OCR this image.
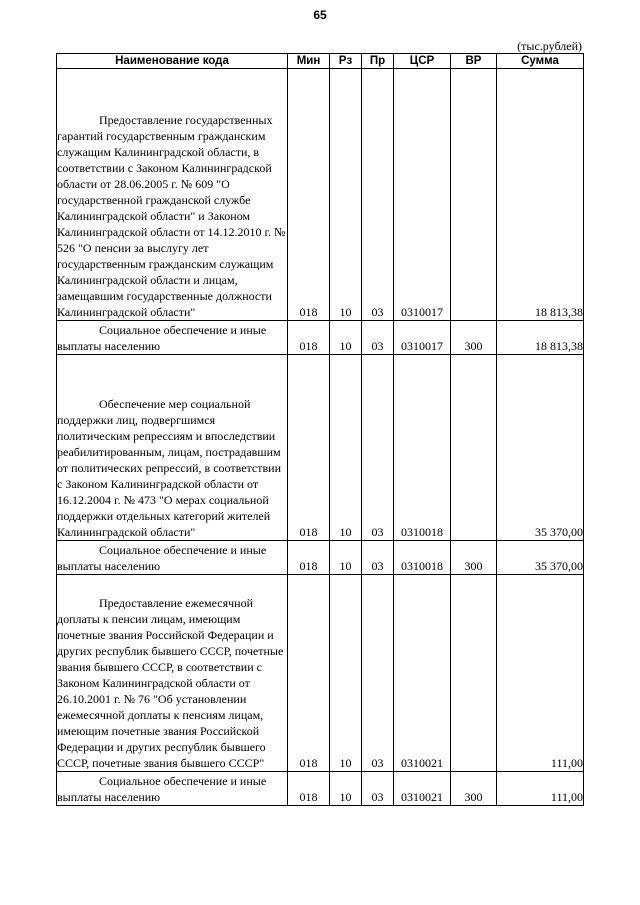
65
(тыс.рублей)
Наименование кода	Мин	Рз	Пр	ЦСР	ВР	Сумма

Предоставление государственных гарантий государственным гражданским служащим Калининградской области, в соответствии с Законом Калининградской области от 28.06.2005 г. № 609 "О государственной гражданской службе Калининградской области" и Законом Калининградской области от 14.12.2010 г. № 526 "О пенсии за выслугу лет государственным гражданским служащим Калининградской области и лицам, замещавшим государственные должности Калининградской области"	018	10	03	0310017		18 813,38

Социальное обеспечение и иные выплаты населению	018	10	03	0310017	300	18 813,38

Обеспечение мер социальной поддержки лиц, подвергшимся политическим репрессиям и впоследствии реабилитированным, лицам, пострадавшим от политических репрессий, в соответствии с Законом Калининградской области от 16.12.2004 г. № 473 "О мерах социальной поддержки отдельных категорий жителей Калининградской области"	018	10	03	0310018		35 370,00

Социальное обеспечение и иные выплаты населению	018	10	03	0310018	300	35 370,00

Предоставление ежемесячной доплаты к пенсии лицам, имеющим почетные звания Российской Федерации и других республик бывшего СССР, почетные звания бывшего СССР, в соответствии с Законом Калининградской области от 26.10.2001 г. № 76 "Об установлении ежемесячной доплаты к пенсиям лицам, имеющим почетные звания Российской Федерации и других республик бывшего СССР, почетные звания бывшего СССР"	018	10	03	0310021		111,00

Социальное обеспечение и иные выплаты населению	018	10	03	0310021	300	111,00
